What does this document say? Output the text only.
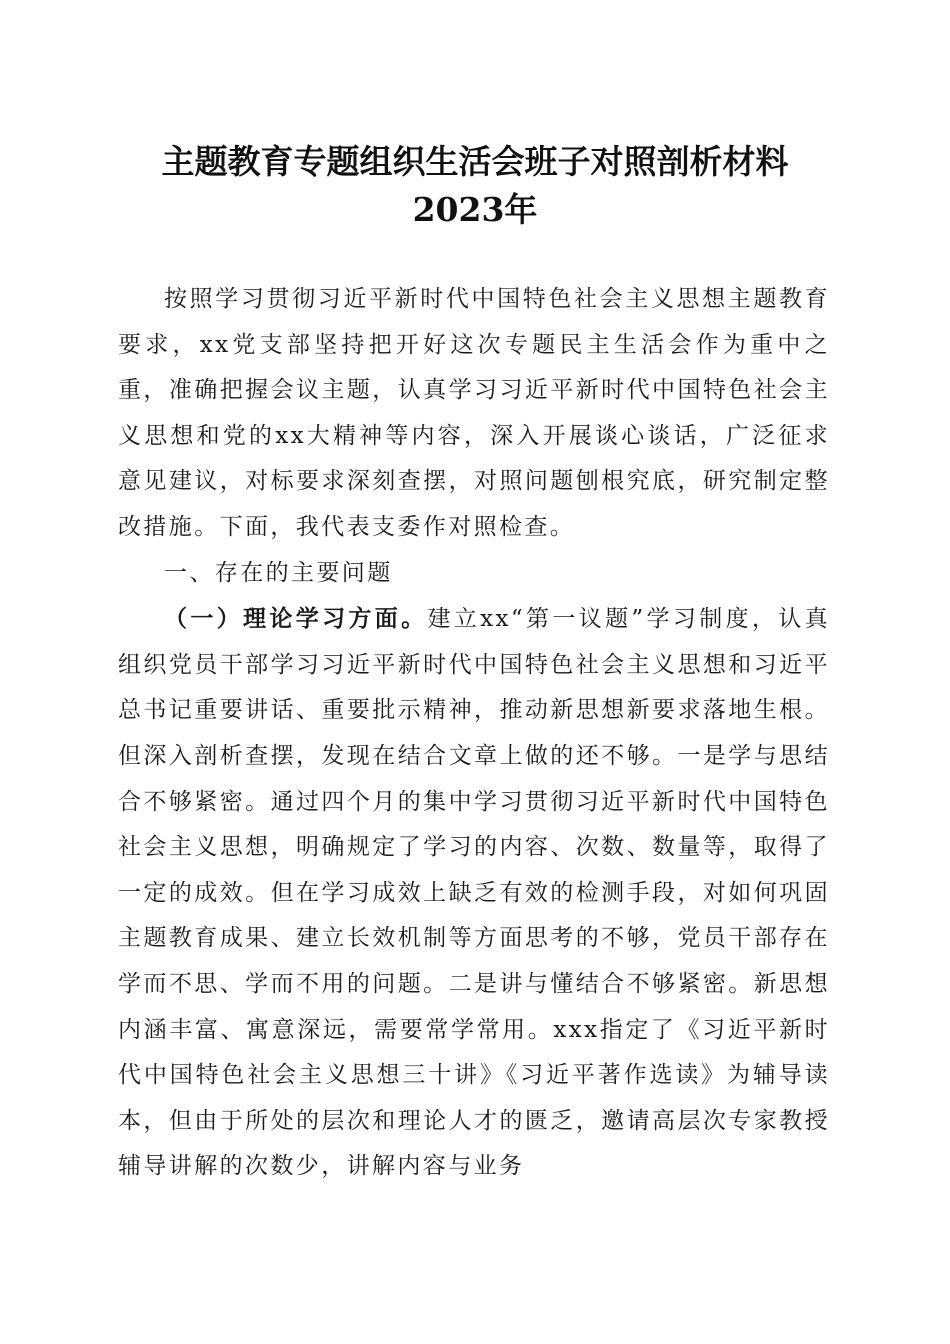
主题教育专题组织生活会班子对照剖析材料
2023年

按照学习贯彻习近平新时代中国特色社会主义思想主题教育要求，xx党支部坚持把开好这次专题民主生活会作为重中之重，准确把握会议主题，认真学习习近平新时代中国特色社会主义思想和党的xx大精神等内容，深入开展谈心谈话，广泛征求意见建议，对标要求深刻查摆，对照问题刨根究底，研究制定整改措施。下面，我代表支委作对照检查。

一、存在的主要问题

（一）理论学习方面。建立xx“第一议题”学习制度，认真组织党员干部学习习近平新时代中国特色社会主义思想和习近平总书记重要讲话、重要批示精神，推动新思想新要求落地生根。但深入剖析查摆，发现在结合文章上做的还不够。一是学与思结合不够紧密。通过四个月的集中学习贯彻习近平新时代中国特色社会主义思想，明确规定了学习的内容、次数、数量等，取得了一定的成效。但在学习成效上缺乏有效的检测手段，对如何巩固主题教育成果、建立长效机制等方面思考的不够，党员干部存在学而不思、学而不用的问题。二是讲与懂结合不够紧密。新思想内涵丰富、寓意深远，需要常学常用。xxx指定了《习近平新时代中国特色社会主义思想三十讲》《习近平著作选读》为辅导读本，但由于所处的层次和理论人才的匮乏，邀请高层次专家教授辅导讲解的次数少，讲解内容与业务
